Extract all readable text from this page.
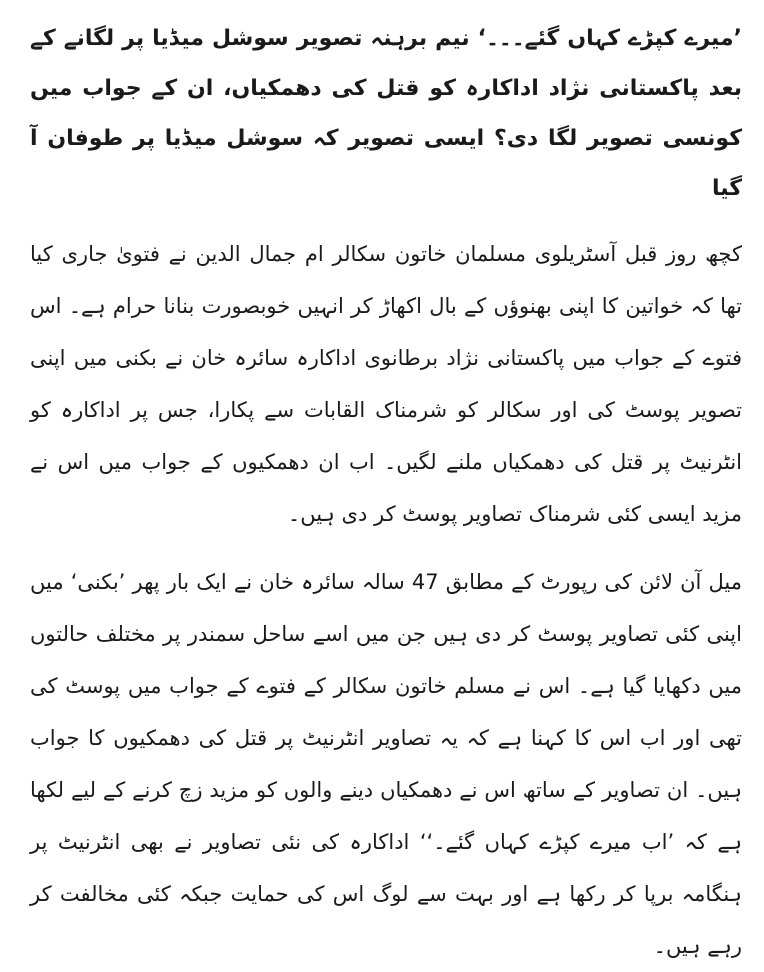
’میرے کپڑے کہاں گئے۔۔۔‘ نیم برہنہ تصویر سوشل میڈیا پر لگانے کے بعد پاکستانی نژاد اداکارہ کو قتل کی دھمکیاں، ان کے جواب میں کونسی تصویر لگا دی؟ ایسی تصویر کہ سوشل میڈیا پر طوفان آ گیا

کچھ روز قبل آسٹریلوی مسلمان خاتون سکالر ام جمال الدین نے فتویٰ جاری کیا تھا کہ خواتین کا اپنی بھنوؤں کے بال اکھاڑ کر انہیں خوبصورت بنانا حرام ہے۔ اس فتوے کے جواب میں پاکستانی نژاد برطانوی اداکارہ سائرہ خان نے بکنی میں اپنی تصویر پوسٹ کی اور سکالر کو شرمناک القابات سے پکارا، جس پر اداکارہ کو انٹرنیٹ پر قتل کی دھمکیاں ملنے لگیں۔ اب ان دھمکیوں کے جواب میں اس نے مزید ایسی کئی شرمناک تصاویر پوسٹ کر دی ہیں۔

میل آن لائن کی رپورٹ کے مطابق 47 سالہ سائرہ خان نے ایک بار پھر ’بکنی‘ میں اپنی کئی تصاویر پوسٹ کر دی ہیں جن میں اسے ساحل سمندر پر مختلف حالتوں میں دکھایا گیا ہے۔ اس نے مسلم خاتون سکالر کے فتوے کے جواب میں پوسٹ کی تھی اور اب اس کا کہنا ہے کہ یہ تصاویر انٹرنیٹ پر قتل کی دھمکیوں کا جواب ہیں۔ ان تصاویر کے ساتھ اس نے دھمکیاں دینے والوں کو مزید زچ کرنے کے لیے لکھا ہے کہ ’اب میرے کپڑے کہاں گئے۔‘‘ اداکارہ کی نئی تصاویر نے بھی انٹرنیٹ پر ہنگامہ برپا کر رکھا ہے اور بہت سے لوگ اس کی حمایت جبکہ کئی مخالفت کر رہے ہیں۔
